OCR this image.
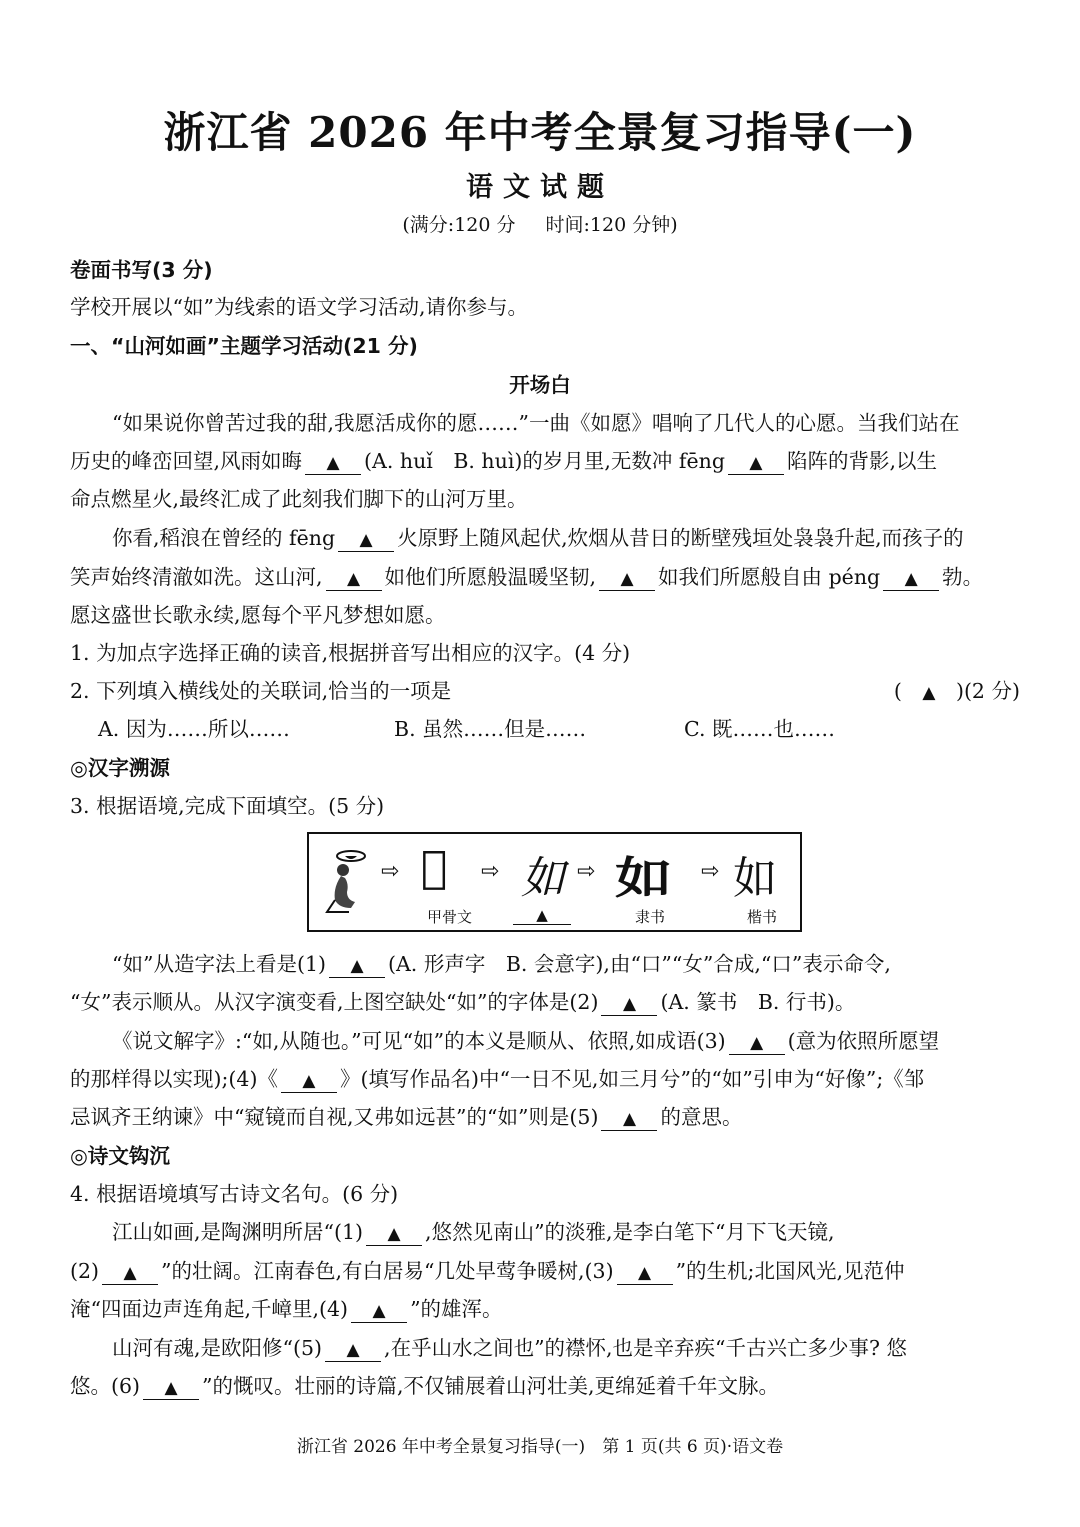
浙江省 2026 年中考全景复习指导(一)
语文试题
(满分:120 分 时间:120 分钟)
卷面书写(3 分)
学校开展以“如”为线索的语文学习活动,请你参与。
一、“山河如画”主题学习活动(21 分)
开场白
“如果说你曾苦过我的甜,我愿活成你的愿……”一曲《如愿》唱响了几代人的心愿。当我们站在
历史的峰峦回望,风雨如晦 ▲ (A. huǐ　B. huì)的岁月里,无数冲 fēng ▲ 陷阵的背影,以生
命点燃星火,最终汇成了此刻我们脚下的山河万里。
你看,稻浪在曾经的 fēng ▲ 火原野上随风起伏,炊烟从昔日的断壁残垣处袅袅升起,而孩子的
笑声始终清澈如洗。这山河, ▲ 如他们所愿般温暖坚韧, ▲ 如我们所愿般自由 péng ▲ 勃。
愿这盛世长歌永续,愿每个平凡梦想如愿。
1. 为加点字选择正确的读音,根据拼音写出相应的汉字。(4 分)
2. 下列填入横线处的关联词,恰当的一项是	(　 ▲　 )(2 分)
A. 因为……所以……	B. 虽然……但是……	C. 既……也……
◎汉字溯源
3. 根据语境,完成下面填空。(5 分)
⇨ 𠇐 ⇨ 如 ⇨ 如 ⇨ 如
甲骨文	▲	隶书	楷书
“如”从造字法上看是(1) ▲ (A. 形声字　B. 会意字),由“口”“女”合成,“口”表示命令,
“女”表示顺从。从汉字演变看,上图空缺处“如”的字体是(2) ▲ (A. 篆书　B. 行书)。
《说文解字》:“如,从随也。”可见“如”的本义是顺从、依照,如成语(3) ▲ (意为依照所愿望
的那样得以实现);(4)《 ▲ 》(填写作品名)中“一日不见,如三月兮”的“如”引申为“好像”;《邹
忌讽齐王纳谏》中“窥镜而自视,又弗如远甚”的“如”则是(5) ▲ 的意思。
◎诗文钩沉
4. 根据语境填写古诗文名句。(6 分)
江山如画,是陶渊明所居“(1) ▲ ,悠然见南山”的淡雅,是李白笔下“月下飞天镜,
(2) ▲ ”的壮阔。江南春色,有白居易“几处早莺争暖树,(3) ▲ ”的生机;北国风光,见范仲
淹“四面边声连角起,千嶂里,(4) ▲ ”的雄浑。
山河有魂,是欧阳修“(5) ▲ ,在乎山水之间也”的襟怀,也是辛弃疾“千古兴亡多少事? 悠
悠。(6) ▲ ”的慨叹。壮丽的诗篇,不仅铺展着山河壮美,更绵延着千年文脉。
浙江省 2026 年中考全景复习指导(一)　第 1 页(共 6 页)·语文卷
